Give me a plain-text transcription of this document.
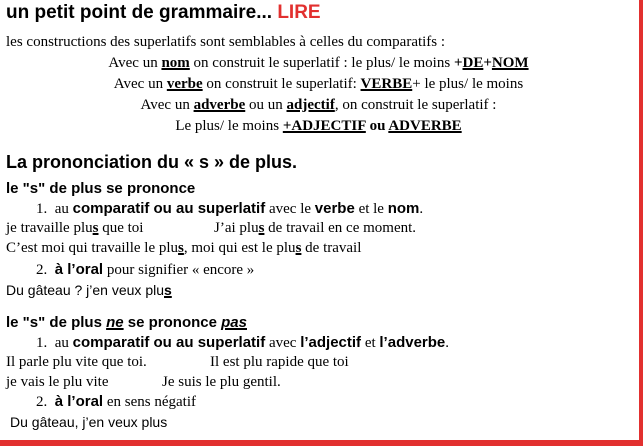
un petit point de grammaire... LIRE
les constructions des superlatifs sont semblables à celles du comparatifs :
Avec un nom on construit le superlatif : le plus/ le moins +DE+NOM
Avec un verbe on construit le superlatif: VERBE+ le plus/ le moins
Avec un adverbe ou un adjectif, on construit le superlatif :
Le plus/ le moins +ADJECTIF ou ADVERBE
La prononciation du « s » de plus.
le "s" de plus se prononce
1. au comparatif ou au superlatif avec le verbe et le nom.
je travaille plus que toi	J’ai plus de travail en ce moment.
C’est moi qui travaille le plus, moi qui est le plus de travail
2. à l’oral pour signifier « encore »
Du gâteau ? j’en veux plus
le "s" de plus ne se prononce pas
1. au comparatif ou au superlatif avec l’adjectif et l’adverbe.
Il parle plu vite que toi.	Il est plu rapide que toi
je vais le plu vite	Je suis le plu gentil.
2. à l’oral en sens négatif
Du gâteau, j’en veux plus
